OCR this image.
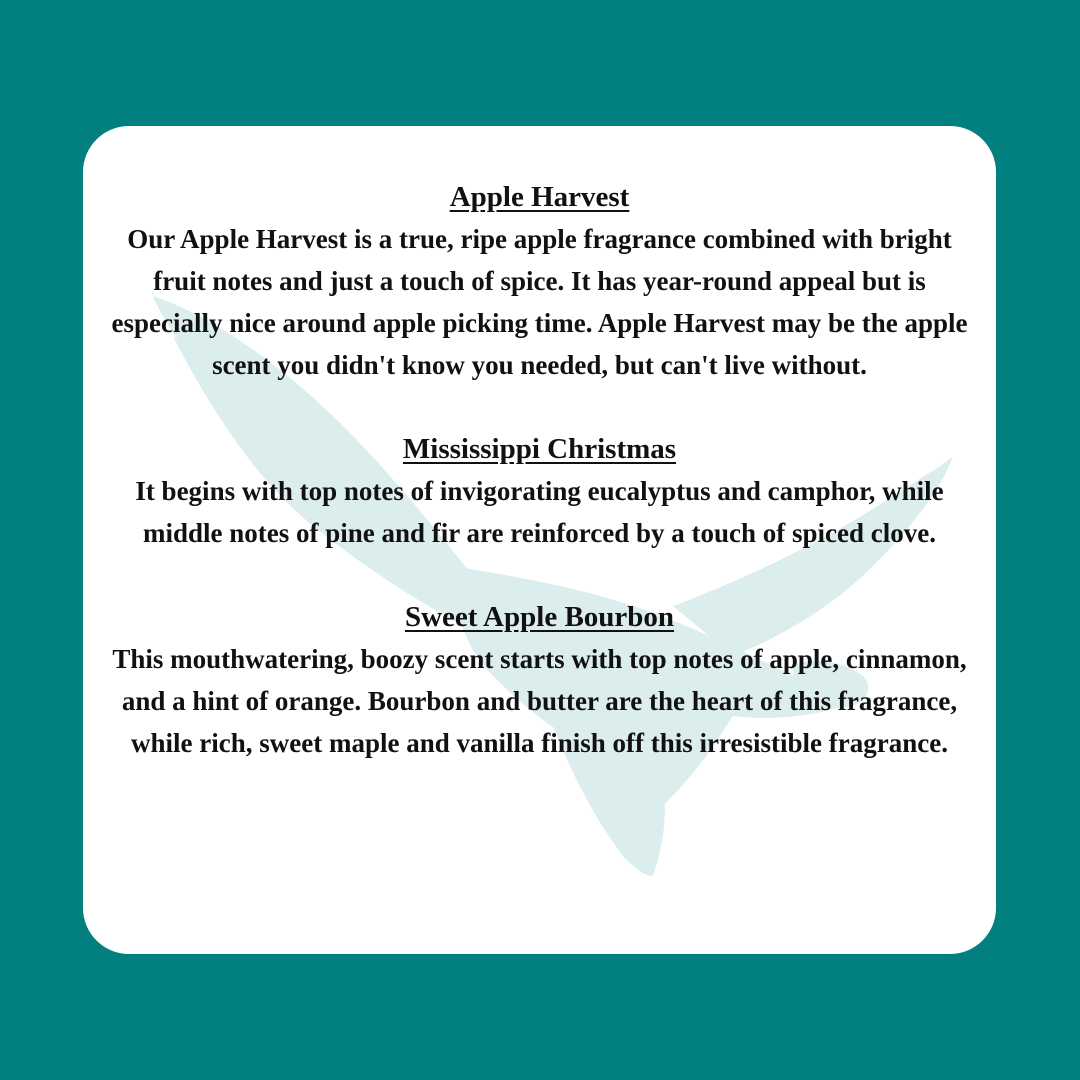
Apple Harvest

Our Apple Harvest is a true, ripe apple fragrance combined with bright fruit notes and just a touch of spice. It has year-round appeal but is especially nice around apple picking time. Apple Harvest may be the apple scent you didn't know you needed, but can't live without.

Mississippi Christmas

It begins with top notes of invigorating eucalyptus and camphor, while middle notes of pine and fir are reinforced by a touch of spiced clove.

Sweet Apple Bourbon

This mouthwatering, boozy scent starts with top notes of apple, cinnamon, and a hint of orange. Bourbon and butter are the heart of this fragrance, while rich, sweet maple and vanilla finish off this irresistible fragrance.
